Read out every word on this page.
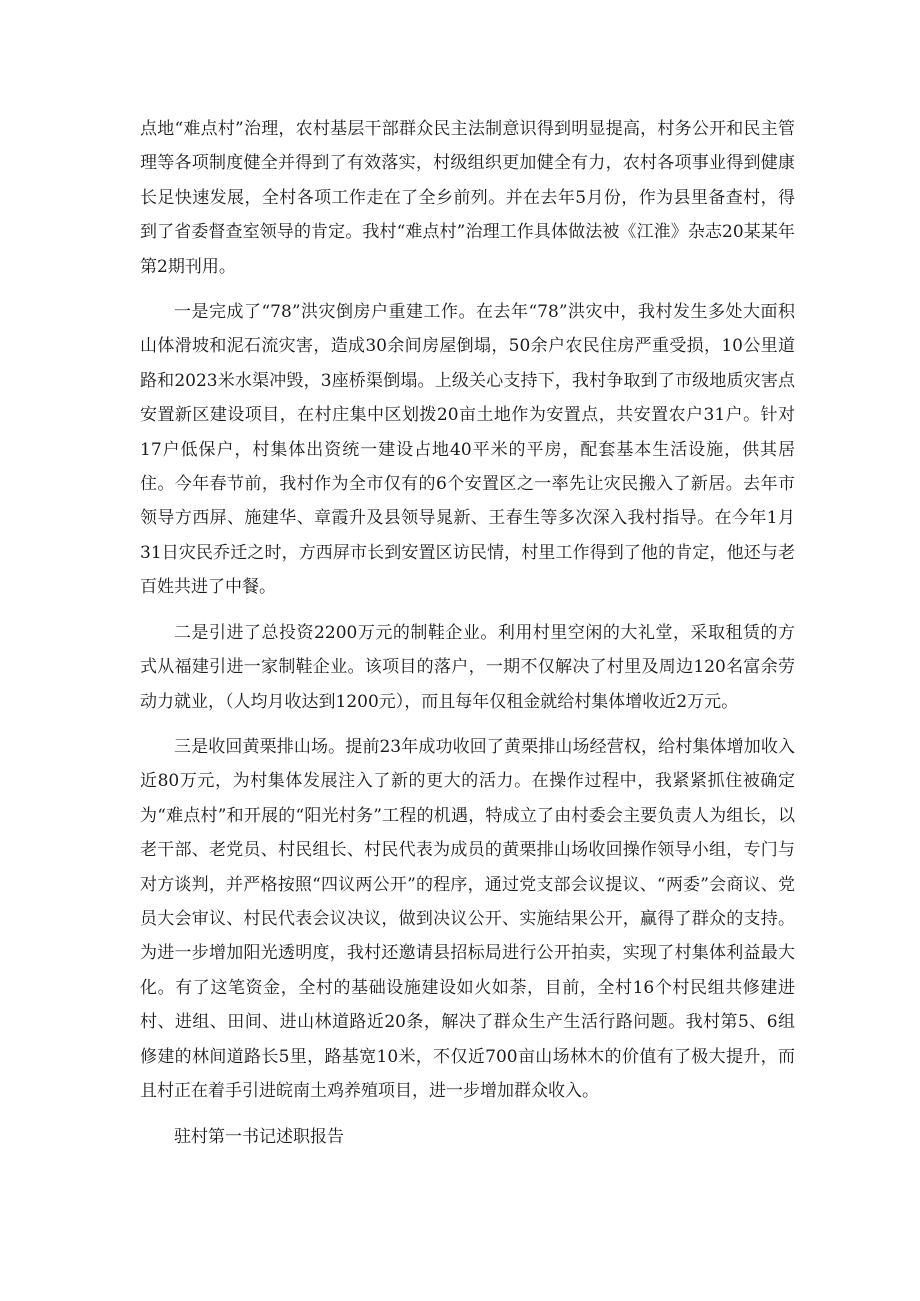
点地“难点村”治理，农村基层干部群众民主法制意识得到明显提高，村务公开和民主管理等各项制度健全并得到了有效落实，村级组织更加健全有力，农村各项事业得到健康长足快速发展，全村各项工作走在了全乡前列。并在去年5月份，作为县里备查村，得到了省委督查室领导的肯定。我村“难点村”治理工作具体做法被《江淮》杂志20某某年第2期刊用。

一是完成了“78”洪灾倒房户重建工作。在去年“78”洪灾中，我村发生多处大面积山体滑坡和泥石流灾害，造成30余间房屋倒塌，50余户农民住房严重受损，10公里道路和2023米水渠冲毁，3座桥渠倒塌。上级关心支持下，我村争取到了市级地质灾害点安置新区建设项目，在村庄集中区划拨20亩土地作为安置点，共安置农户31户。针对17户低保户，村集体出资统一建设占地40平米的平房，配套基本生活设施，供其居住。今年春节前，我村作为全市仅有的6个安置区之一率先让灾民搬入了新居。去年市领导方西屏、施建华、章霞升及县领导晁新、王春生等多次深入我村指导。在今年1月31日灾民乔迁之时，方西屏市长到安置区访民情，村里工作得到了他的肯定，他还与老百姓共进了中餐。

二是引进了总投资2200万元的制鞋企业。利用村里空闲的大礼堂，采取租赁的方式从福建引进一家制鞋企业。该项目的落户，一期不仅解决了村里及周边120名富余劳动力就业，（人均月收达到1200元），而且每年仅租金就给村集体增收近2万元。

三是收回黄栗排山场。提前23年成功收回了黄栗排山场经营权，给村集体增加收入近80万元，为村集体发展注入了新的更大的活力。在操作过程中，我紧紧抓住被确定为“难点村”和开展的“阳光村务”工程的机遇，特成立了由村委会主要负责人为组长，以老干部、老党员、村民组长、村民代表为成员的黄栗排山场收回操作领导小组，专门与对方谈判，并严格按照“四议两公开”的程序，通过党支部会议提议、“两委”会商议、党员大会审议、村民代表会议决议，做到决议公开、实施结果公开，赢得了群众的支持。为进一步增加阳光透明度，我村还邀请县招标局进行公开拍卖，实现了村集体利益最大化。有了这笔资金，全村的基础设施建设如火如荼，目前，全村16个村民组共修建进村、进组、田间、进山林道路近20条，解决了群众生产生活行路问题。我村第5、6组修建的林间道路长5里，路基宽10米，不仅近700亩山场林木的价值有了极大提升，而且村正在着手引进皖南土鸡养殖项目，进一步增加群众收入。

驻村第一书记述职报告
